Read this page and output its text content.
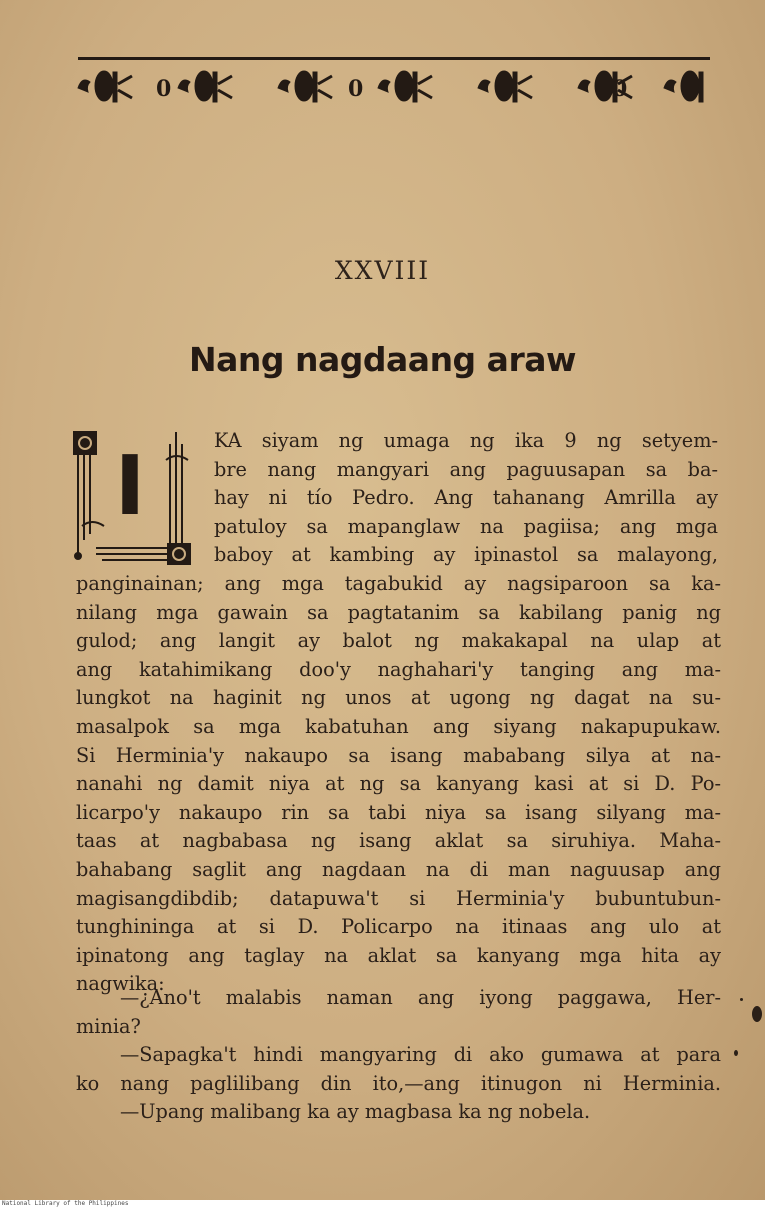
0	0	0
XXVIII
Nang nagdaang araw
I	KA siyam ng umaga ng ika 9 ng setyem-
bre nang mangyari ang paguusapan sa ba-
hay ni tío Pedro. Ang tahanang Amrilla ay
patuloy sa mapanglaw na pagiisa; ang mga
baboy at kambing ay ipinastol sa malayong,
panginainan; ang mga tagabukid ay nagsiparoon sa ka-
nilang mga gawain sa pagtatanim sa kabilang panig ng
gulod; ang langit ay balot ng makakapal na ulap at
ang katahimikang doo'y naghahari'y tanging ang ma-
lungkot na haginit ng unos at ugong ng dagat na su-
masalpok sa mga kabatuhan ang siyang nakapupukaw.
Si Herminia'y nakaupo sa isang mababang silya at na-
nanahi ng damit niya at ng sa kanyang kasi at si D. Po-
licarpo'y nakaupo rin sa tabi niya sa isang silyang ma-
taas at nagbabasa ng isang aklat sa siruhiya. Maha-
bahabang saglit ang nagdaan na di man naguusap ang
magisangdibdib; datapuwa't si Herminia'y bubuntubun-
tunghininga at si D. Policarpo na itinaas ang ulo at
ipinatong ang taglay na aklat sa kanyang mga hita ay
nagwika:
—¿Ano't malabis naman ang iyong paggawa, Her-
minia?
—Sapagka't hindi mangyaring di ako gumawa at para
ko nang paglilibang din ito,—ang itinugon ni Herminia.
—Upang malibang ka ay magbasa ka ng nobela.
National Library of the Philippines
